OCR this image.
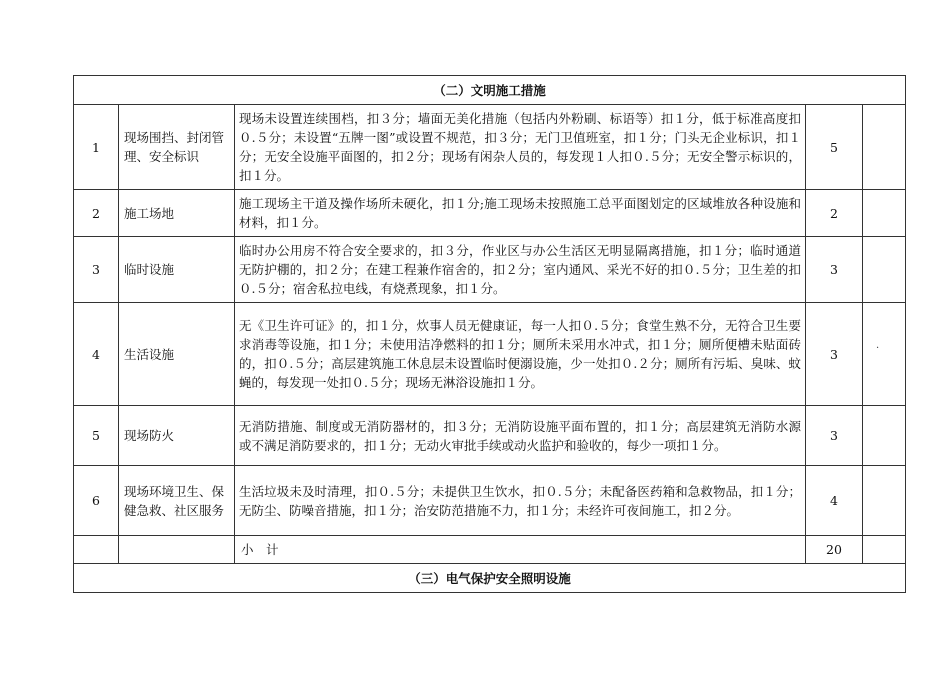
（二）文明施工措施				
1	现场围挡、封闭管理、安全标识	现场未设置连续围档，扣３分；墙面无美化措施（包括内外粉刷、标语等）扣１分，低于标准高度扣０.５分；未设置“五牌一图”或设置不规范，扣３分；无门卫值班室，扣１分；门头无企业标识，扣１分；无安全设施平面图的，扣２分；现场有闲杂人员的，每发现１人扣０.５分；无安全警示标识的，扣１分。	5	
2	施工场地	施工现场主干道及操作场所未硬化，扣１分;施工现场未按照施工总平面图划定的区域堆放各种设施和材料，扣１分。	2	
3	临时设施	临时办公用房不符合安全要求的，扣３分，作业区与办公生活区无明显隔离措施，扣１分；临时通道无防护棚的，扣２分；在建工程兼作宿舍的，扣２分；室内通风、采光不好的扣０.５分；卫生差的扣０.５分；宿舍私拉电线，有烧煮现象，扣１分。	3	
4	生活设施	无《卫生许可证》的，扣１分，炊事人员无健康证，每一人扣０.５分；食堂生熟不分，无符合卫生要求消毒等设施，扣１分；未使用洁净燃料的扣１分；厕所未采用水冲式，扣１分；厕所便槽未贴面砖的，扣０.５分；高层建筑施工休息层未设置临时便溺设施，少一处扣０.２分；厕所有污垢、臭味、蚊蝇的，每发现一处扣０.５分；现场无淋浴设施扣１分。	3	
5	现场防火	无消防措施、制度或无消防器材的，扣３分；无消防设施平面布置的，扣１分；高层建筑无消防水源或不满足消防要求的，扣１分；无动火审批手续或动火监护和验收的，每少一项扣１分。	3	
6	现场环境卫生、保健急救、社区服务	生活垃圾未及时清理，扣０.５分；未提供卫生饮水，扣０.５分；未配备医药箱和急救物品，扣１分；无防尘、防噪音措施，扣１分；治安防范措施不力，扣１分；未经许可夜间施工，扣２分。	4	
		小　计	20	
（三）电气保护安全照明设施				
·
